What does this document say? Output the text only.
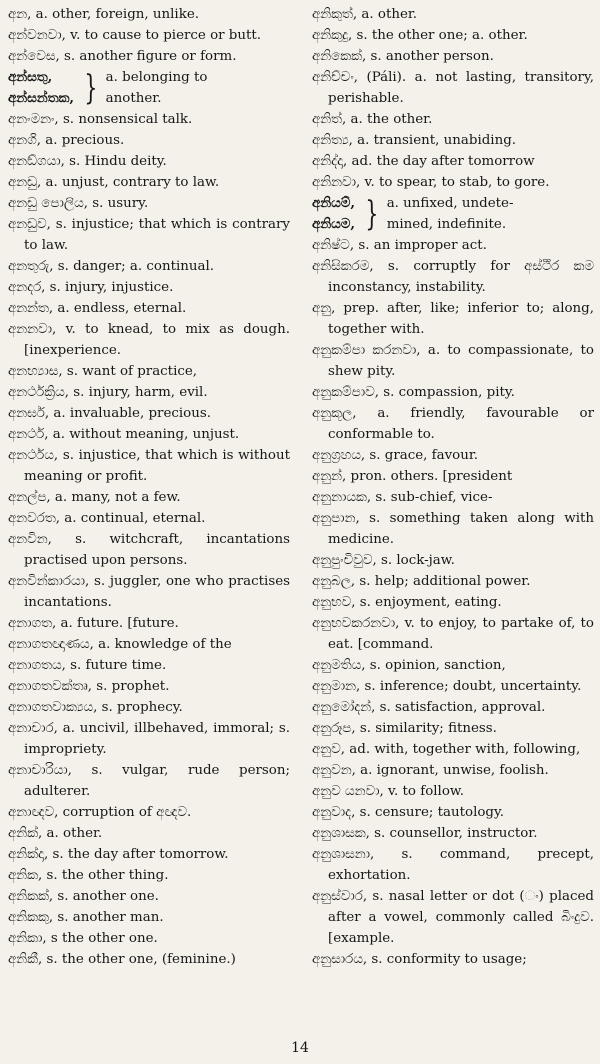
අන, a. other, foreign, unlike.
අන්වනවා, v. to cause to pierce or butt.
අන්වෙස, s. another figure or form.
අන්සතු,
අන්සන්තක, } a. belonging to
another.
අනංමනං, s. nonsensical talk.
අනගි, a. precious.
අනඞ්ගයා, s. Hindu deity.
අනඩු, a. unjust, contrary to law.
අනඩු පොලිය, s. usury.
අනඩුව, s. injustice; that which is contrary to law.
අනතුරු, s. danger; a. continual.
අනදර, s. injury, injustice.
අනන්ත, a. endless, eternal.
අනනවා, v. to knead, to mix as dough. [inexperience.
අනභ්‍යාස, s. want of practice,
අනර්ථක්‍රිය, s. injury, harm, evil.
අනර්ඝ, a. invaluable, precious.
අනර්ථ, a. without meaning, unjust.
අනර්ථය, s. injustice, that which is without meaning or profit.
අනල්ප, a. many, not a few.
අනවරත, a. continual, eternal.
අනවින, s. witchcraft, incantations practised upon persons.
අනවින්කාරයා, s. juggler, one who practises incantations.
අනාගත, a. future. [future.
අනාගතඥාණය, a. knowledge of the
අනාගතය, s. future time.
අනාගතවක්තෘ, s. prophet.
අනාගතවාක්‍යය, s. prophecy.
අනාචාර, a. uncivil, illbehaved, immoral; s. impropriety.
අනාචාරියා, s. vulgar, rude person; adulterer.
අනාඥව, corruption of අඥව.
අනික්, a. other.
අනික්දා, s. the day after tomorrow.
අනික, s. the other thing.
අනිකක්, s. another one.
අනිකකු, s. another man.
අනිකා, s the other one.
අනිකී, s. the other one, (feminine.)
අනිකුත්, a. other.
අනිකුදු, s. the other one; a. other.
අනිකෙක්, s. another person.
අනිච්චං, (Páli). a. not lasting, transitory, perishable.
අනිත්, a. the other.
අනිත්‍ය, a. transient, unabiding.
අනිද්දා, ad. the day after tomorrow
අනිනවා, v. to spear, to stab, to gore.
අනියම්,
අනියම, } a. unfixed, undete-
mined, indefinite.
අනිෂ්ට, s. an improper act.
අනිසිකරම, s. corruptly for අස්ථිර කම inconstancy, instability.
අනු, prep. after, like; inferior to; along, together with.
අනුකම්පා කරනවා, a. to compassionate, to shew pity.
අනුකම්පාව, s. compassion, pity.
අනුකූල, a. friendly, favourable or conformable to.
අනුග්‍රහය, s. grace, favour.
අනුන්, pron. others. [president
අනුනායක, s. sub-chief, vice-
අනුපාන, s. something taken along with medicine.
අනුපුංචිවුව, s. lock-jaw.
අනුබල, s. help; additional power.
අනුභව, s. enjoyment, eating.
අනුභවකරනවා, v. to enjoy, to partake of, to eat. [command.
අනුමතිය, s. opinion, sanction,
අනුමාන, s. inference; doubt, uncertainty.
අනුමෝදන්, s. satisfaction, approval.
අනුරූප, s. similarity; fitness.
අනුව, ad. with, together with, following,
අනුවන, a. ignorant, unwise, foolish.
අනුව යනවා, v. to follow.
අනුවාද, s. censure; tautology.
අනුශාසක, s. counsellor, instructor.
අනුශාසනා, s. command, precept, exhortation.
අනුස්වාර, s. nasal letter or dot (ං) placed after a vowel, commonly called බිංදුව. [example.
අනුසාරය, s. conformity to usage;
14
